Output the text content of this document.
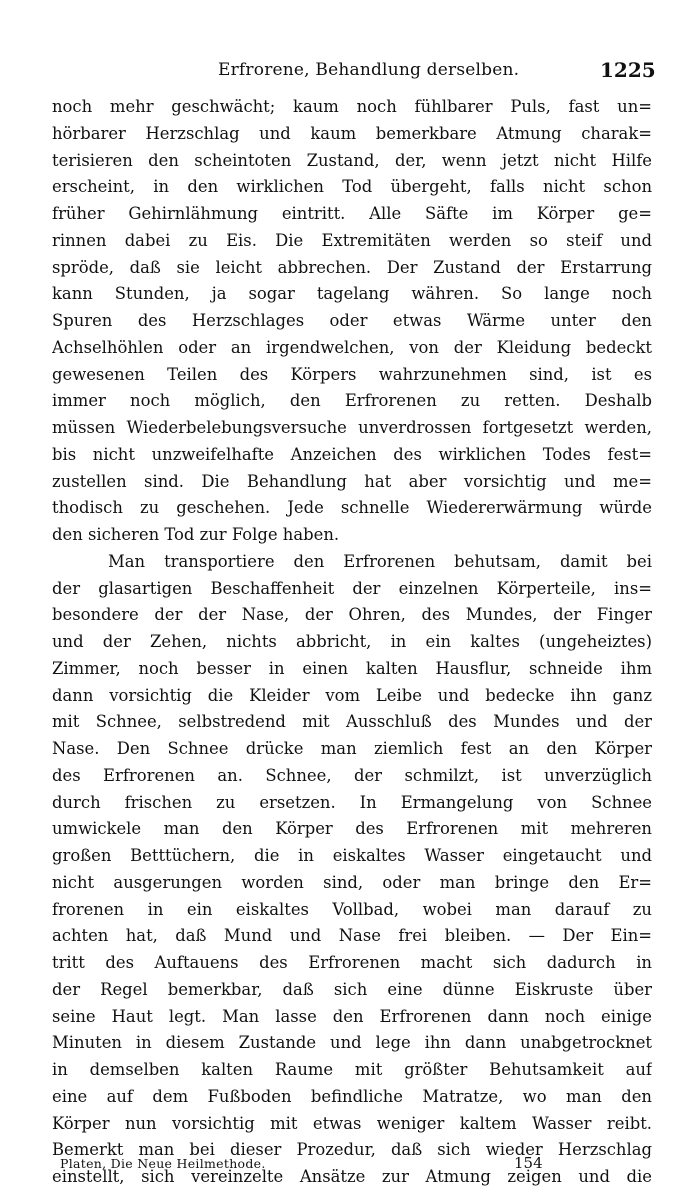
Erfrorene, Behandlung derselben.	1225
noch mehr geschwächt; kaum noch fühlbarer Puls, fast un=
hörbarer Herzschlag und kaum bemerkbare Atmung charak=
terisieren den scheintoten Zustand, der, wenn jetzt nicht Hilfe
erscheint, in den wirklichen Tod übergeht, falls nicht schon
früher Gehirnlähmung eintritt. Alle Säfte im Körper ge=
rinnen dabei zu Eis. Die Extremitäten werden so steif und
spröde, daß sie leicht abbrechen. Der Zustand der Erstarrung
kann Stunden, ja sogar tagelang währen. So lange noch
Spuren des Herzschlages oder etwas Wärme unter den
Achselhöhlen oder an irgendwelchen, von der Kleidung bedeckt
gewesenen Teilen des Körpers wahrzunehmen sind, ist es
immer noch möglich, den Erfrorenen zu retten. Deshalb
müssen Wiederbelebungsversuche unverdrossen fortgesetzt werden,
bis nicht unzweifelhafte Anzeichen des wirklichen Todes fest=
zustellen sind. Die Behandlung hat aber vorsichtig und me=
thodisch zu geschehen. Jede schnelle Wiedererwärmung würde
den sicheren Tod zur Folge haben.
Man transportiere den Erfrorenen behutsam, damit bei
der glasartigen Beschaffenheit der einzelnen Körperteile, ins=
besondere der der Nase, der Ohren, des Mundes, der Finger
und der Zehen, nichts abbricht, in ein kaltes (ungeheiztes)
Zimmer, noch besser in einen kalten Hausflur, schneide ihm
dann vorsichtig die Kleider vom Leibe und bedecke ihn ganz
mit Schnee, selbstredend mit Ausschluß des Mundes und der
Nase. Den Schnee drücke man ziemlich fest an den Körper
des Erfrorenen an. Schnee, der schmilzt, ist unverzüglich
durch frischen zu ersetzen. In Ermangelung von Schnee
umwickele man den Körper des Erfrorenen mit mehreren
großen Betttüchern, die in eiskaltes Wasser eingetaucht und
nicht ausgerungen worden sind, oder man bringe den Er=
frorenen in ein eiskaltes Vollbad, wobei man darauf zu
achten hat, daß Mund und Nase frei bleiben. — Der Ein=
tritt des Auftauens des Erfrorenen macht sich dadurch in
der Regel bemerkbar, daß sich eine dünne Eiskruste über
seine Haut legt. Man lasse den Erfrorenen dann noch einige
Minuten in diesem Zustande und lege ihn dann unabgetrocknet
in demselben kalten Raume mit größter Behutsamkeit auf
eine auf dem Fußboden befindliche Matratze, wo man den
Körper nun vorsichtig mit etwas weniger kaltem Wasser reibt.
Bemerkt man bei dieser Prozedur, daß sich wieder Herzschlag
einstellt, sich vereinzelte Ansätze zur Atmung zeigen und die
Platen, Die Neue Heilmethode.	154
